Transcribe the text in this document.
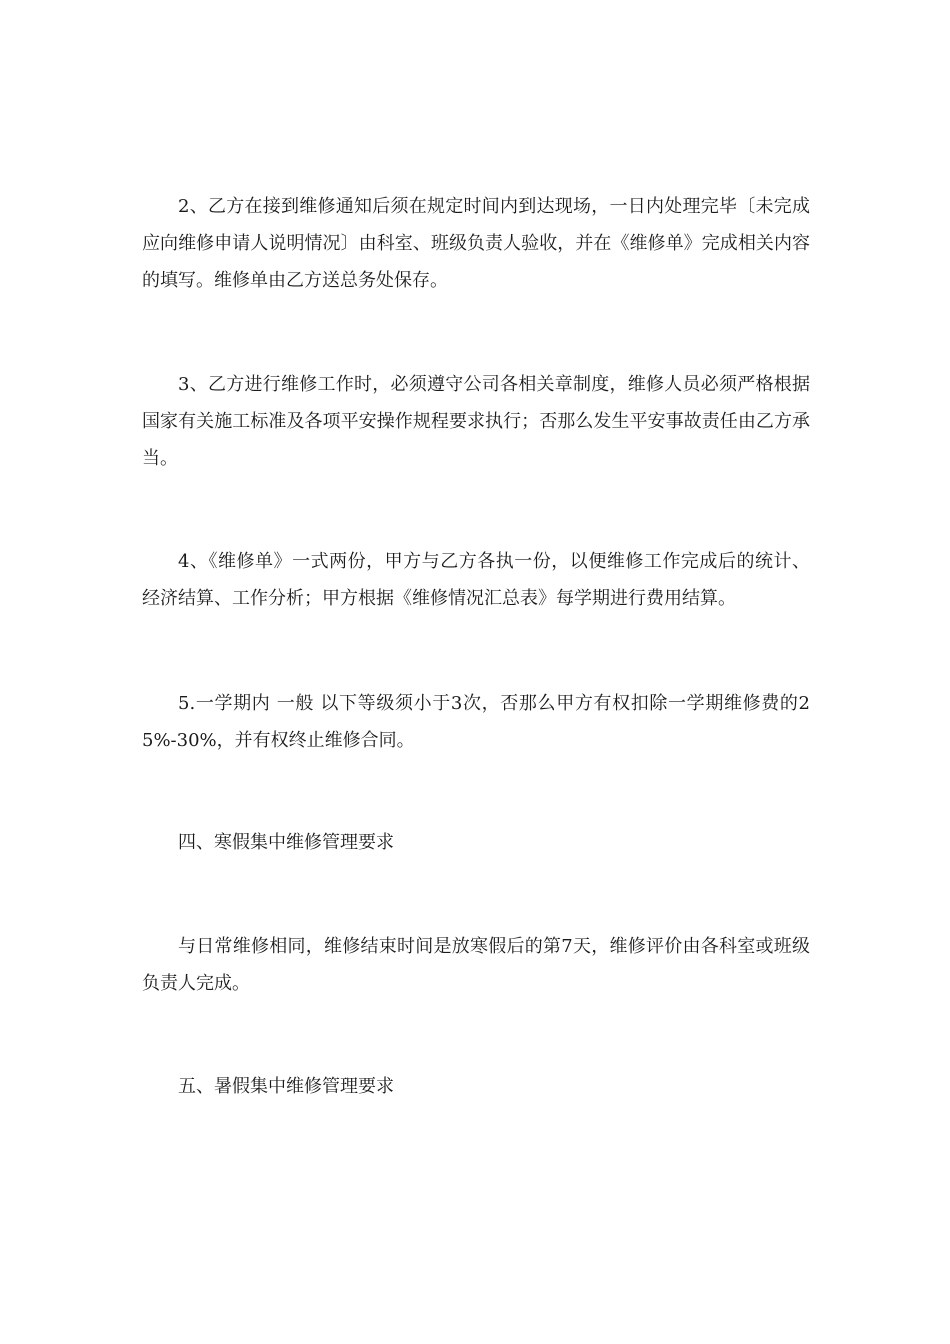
2、乙方在接到维修通知后须在规定时间内到达现场，一日内处理完毕〔未完成应向维修申请人说明情况〕由科室、班级负责人验收，并在《维修单》完成相关内容的填写。维修单由乙方送总务处保存。

3、乙方进行维修工作时，必须遵守公司各相关章制度，维修人员必须严格根据国家有关施工标准及各项平安操作规程要求执行；否那么发生平安事故责任由乙方承当。

4、《维修单》一式两份，甲方与乙方各执一份，以便维修工作完成后的统计、经济结算、工作分析；甲方根据《维修情况汇总表》每学期进行费用结算。

5.一学期内 一般 以下等级须小于3次，否那么甲方有权扣除一学期维修费的25%-30%，并有权终止维修合同。

四、寒假集中维修管理要求

与日常维修相同，维修结束时间是放寒假后的第7天，维修评价由各科室或班级负责人完成。

五、暑假集中维修管理要求
